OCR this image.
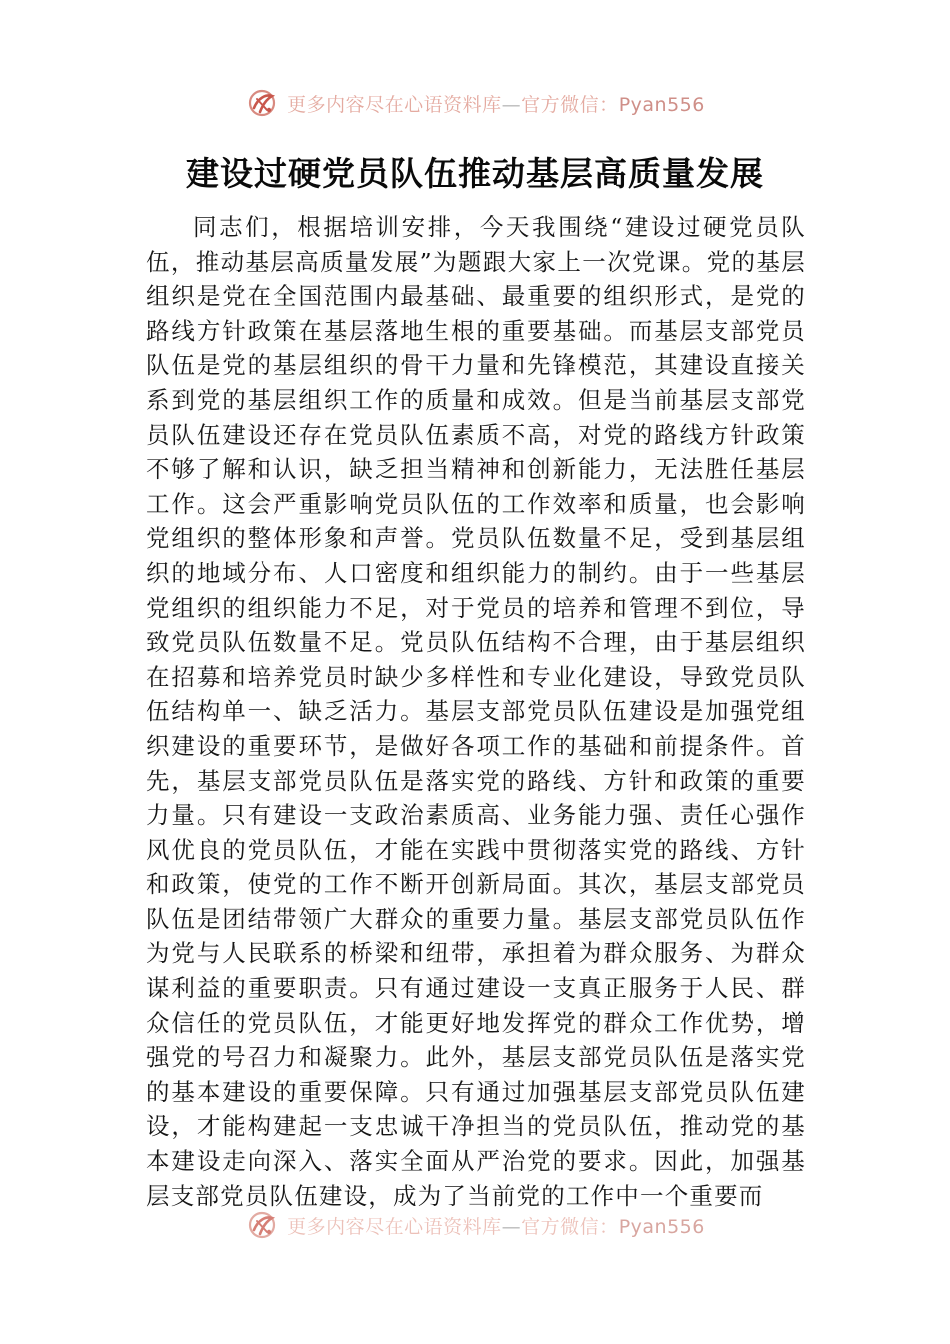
更多内容尽在心语资料库—官方微信：Pyan556
建设过硬党员队伍推动基层高质量发展

同志们，根据培训安排，今天我围绕“建设过硬党员队伍，推动基层高质量发展”为题跟大家上一次党课。党的基层组织是党在全国范围内最基础、最重要的组织形式，是党的路线方针政策在基层落地生根的重要基础。而基层支部党员队伍是党的基层组织的骨干力量和先锋模范，其建设直接关系到党的基层组织工作的质量和成效。但是当前基层支部党员队伍建设还存在党员队伍素质不高，对党的路线方针政策不够了解和认识，缺乏担当精神和创新能力，无法胜任基层工作。这会严重影响党员队伍的工作效率和质量，也会影响党组织的整体形象和声誉。党员队伍数量不足，受到基层组织的地域分布、人口密度和组织能力的制约。由于一些基层党组织的组织能力不足，对于党员的培养和管理不到位，导致党员队伍数量不足。党员队伍结构不合理，由于基层组织在招募和培养党员时缺少多样性和专业化建设，导致党员队伍结构单一、缺乏活力。基层支部党员队伍建设是加强党组织建设的重要环节，是做好各项工作的基础和前提条件。首先，基层支部党员队伍是落实党的路线、方针和政策的重要力量。只有建设一支政治素质高、业务能力强、责任心强作风优良的党员队伍，才能在实践中贯彻落实党的路线、方针和政策，使党的工作不断开创新局面。其次，基层支部党员队伍是团结带领广大群众的重要力量。基层支部党员队伍作为党与人民联系的桥梁和纽带，承担着为群众服务、为群众谋利益的重要职责。只有通过建设一支真正服务于人民、群众信任的党员队伍，才能更好地发挥党的群众工作优势，增强党的号召力和凝聚力。此外，基层支部党员队伍是落实党的基本建设的重要保障。只有通过加强基层支部党员队伍建设，才能构建起一支忠诚干净担当的党员队伍，推动党的基本建设走向深入、落实全面从严治党的要求。因此，加强基层支部党员队伍建设，成为了当前党的工作中一个重要而

更多内容尽在心语资料库—官方微信：Pyan556
